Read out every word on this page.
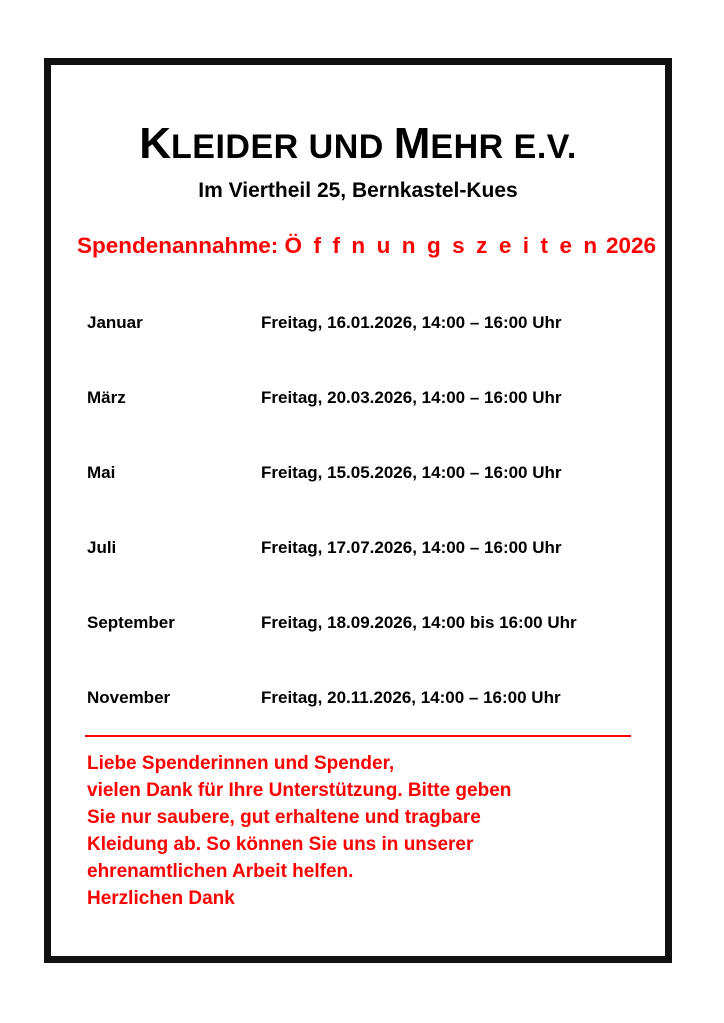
KLEIDER UND MEHR E.V.
Im Viertheil 25, Bernkastel-Kues
Spendenannahme: Ö f f n u n g s z e i t e n 2026
Januar	Freitag, 16.01.2026, 14:00 – 16:00 Uhr
März	Freitag, 20.03.2026, 14:00 – 16:00 Uhr
Mai	Freitag, 15.05.2026, 14:00 – 16:00 Uhr
Juli	Freitag, 17.07.2026, 14:00 – 16:00 Uhr
September	Freitag, 18.09.2026, 14:00 bis 16:00 Uhr
November	Freitag, 20.11.2026, 14:00 – 16:00 Uhr
Liebe Spenderinnen und Spender,
vielen Dank für Ihre Unterstützung. Bitte geben
Sie nur saubere, gut erhaltene und tragbare
Kleidung ab. So können Sie uns in unserer
ehrenamtlichen Arbeit helfen.
Herzlichen Dank
